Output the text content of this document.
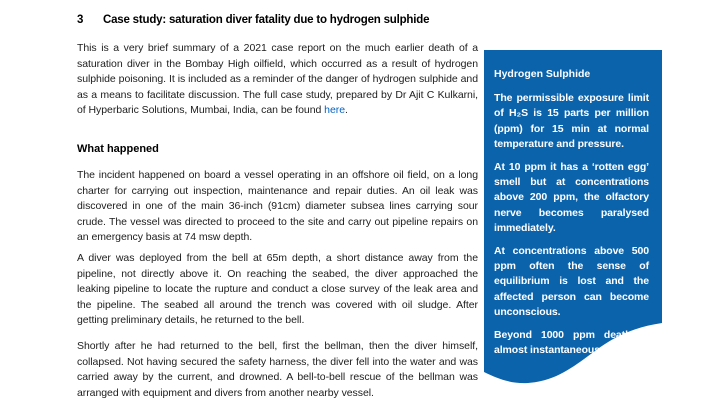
3 Case study: saturation diver fatality due to hydrogen sulphide

This is a very brief summary of a 2021 case report on the much earlier death of a saturation diver in the Bombay High oilfield, which occurred as a result of hydrogen sulphide poisoning. It is included as a reminder of the danger of hydrogen sulphide and as a means to facilitate discussion. The full case study, prepared by Dr Ajit C Kulkarni, of Hyperbaric Solutions, Mumbai, India, can be found here.

What happened

The incident happened on board a vessel operating in an offshore oil field, on a long charter for carrying out inspection, maintenance and repair duties. An oil leak was discovered in one of the main 36-inch (91cm) diameter subsea lines carrying sour crude. The vessel was directed to proceed to the site and carry out pipeline repairs on an emergency basis at 74 msw depth.

A diver was deployed from the bell at 65m depth, a short distance away from the pipeline, not directly above it. On reaching the seabed, the diver approached the leaking pipeline to locate the rupture and conduct a close survey of the leak area and the pipeline. The seabed all around the trench was covered with oil sludge. After getting preliminary details, he returned to the bell.

Shortly after he had returned to the bell, first the bellman, then the diver himself, collapsed. Not having secured the safety harness, the diver fell into the water and was carried away by the current, and drowned. A bell-to-bell rescue of the bellman was arranged with equipment and divers from another nearby vessel.

Hydrogen Sulphide

The permissible exposure limit of H₂S is 15 parts per million (ppm) for 15 min at normal temperature and pressure.

At 10 ppm it has a ‘rotten egg’ smell but at concentrations above 200 ppm, the olfactory nerve becomes paralysed immediately.

At concentrations above 500 ppm often the sense of equilibrium is lost and the affected person can become unconscious.

Beyond 1000 ppm death is almost instantaneous.
